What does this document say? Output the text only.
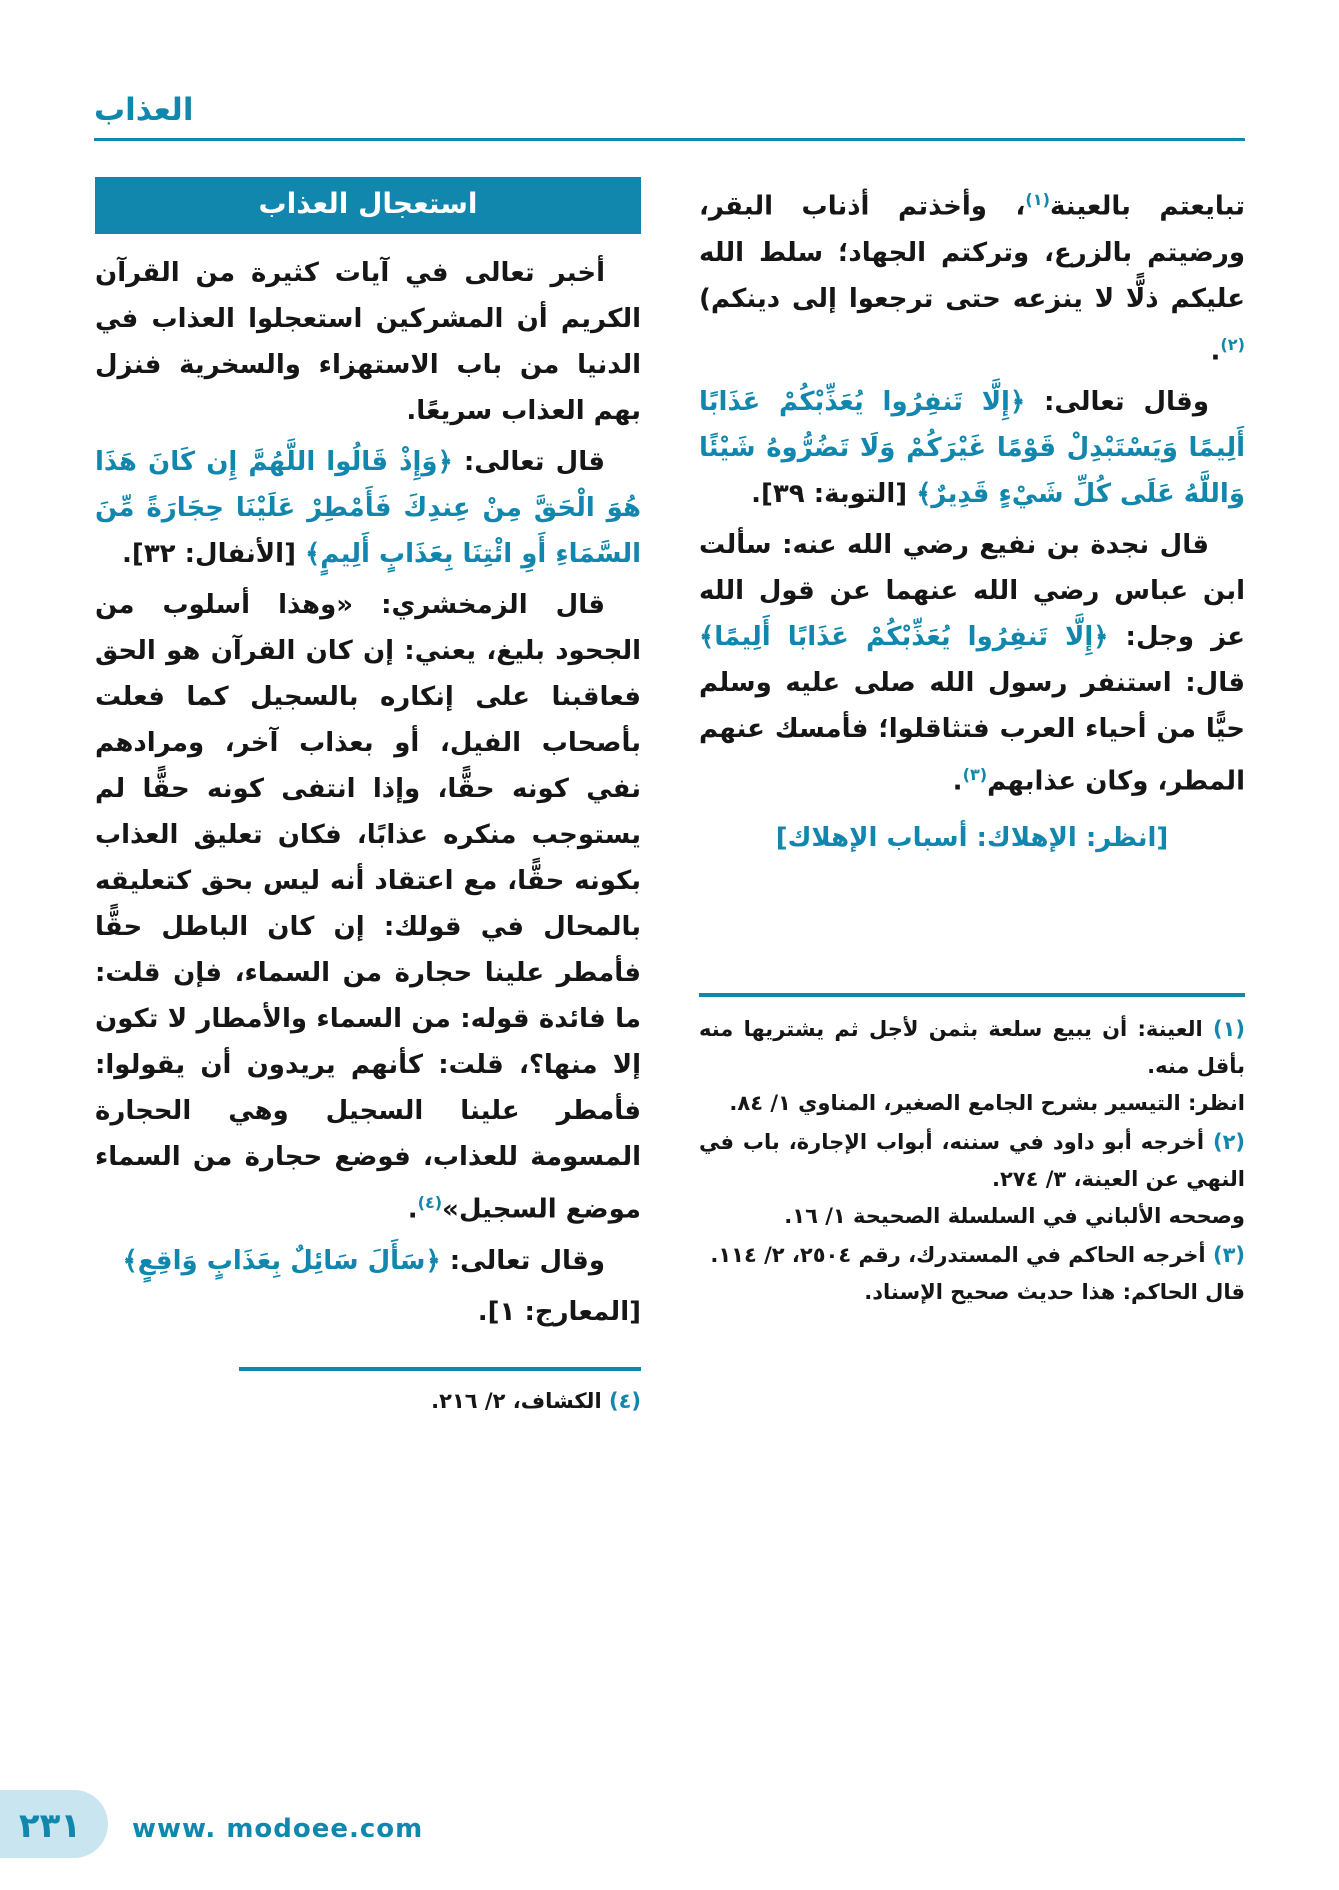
العذاب

تبايعتم بالعينة$^{(١)}$، وأخذتم أذناب البقر، ورضيتم بالزرع، وتركتم الجهاد؛ سلط الله عليكم ذلًّا لا ينزعه حتى ترجعوا إلى دينكم)$^{(٢)}$.

وقال تعالى: ﴿إِلَّا تَنفِرُوا يُعَذِّبْكُمْ عَذَابًا أَلِيمًا وَيَسْتَبْدِلْ قَوْمًا غَيْرَكُمْ وَلَا تَضُرُّوهُ شَيْئًا وَاللَّهُ عَلَى كُلِّ شَيْءٍ قَدِيرٌ﴾ [التوبة: ٣٩].

قال نجدة بن نفيع رضي الله عنه: سألت ابن عباس رضي الله عنهما عن قول الله عز وجل: ﴿إِلَّا تَنفِرُوا يُعَذِّبْكُمْ عَذَابًا أَلِيمًا﴾ قال: استنفر رسول الله صلى عليه وسلم حيًّا من أحياء العرب فتثاقلوا؛ فأمسك عنهم المطر، وكان عذابهم$^{(٣)}$.

[انظر: الإهلاك: أسباب الإهلاك]
(١) العينة: أن يبيع سلعة بثمن لأجل ثم يشتريها منه بأقل منه.
انظر: التيسير بشرح الجامع الصغير، المناوي ١/ ٨٤.
(٢) أخرجه أبو داود في سننه، أبواب الإجارة، باب في النهي عن العينة، ٣/ ٢٧٤.
وصححه الألباني في السلسلة الصحيحة ١/ ١٦.
(٣) أخرجه الحاكم في المستدرك، رقم ٢٥٠٤، ٢/ ١١٤.
قال الحاكم: هذا حديث صحيح الإسناد.
استعجال العذاب

أخبر تعالى في آيات كثيرة من القرآن الكريم أن المشركين استعجلوا العذاب في الدنيا من باب الاستهزاء والسخرية فنزل بهم العذاب سريعًا.

قال تعالى: ﴿وَإِذْ قَالُوا اللَّهُمَّ إِن كَانَ هَذَا هُوَ الْحَقَّ مِنْ عِندِكَ فَأَمْطِرْ عَلَيْنَا حِجَارَةً مِّنَ السَّمَاءِ أَوِ ائْتِنَا بِعَذَابٍ أَلِيمٍ﴾ [الأنفال: ٣٢].

قال الزمخشري: «وهذا أسلوب من الجحود بليغ، يعني: إن كان القرآن هو الحق فعاقبنا على إنكاره بالسجيل كما فعلت بأصحاب الفيل، أو بعذاب آخر، ومرادهم نفي كونه حقًّا، وإذا انتفى كونه حقًّا لم يستوجب منكره عذابًا، فكان تعليق العذاب بكونه حقًّا، مع اعتقاد أنه ليس بحق كتعليقه بالمحال في قولك: إن كان الباطل حقًّا فأمطر علينا حجارة من السماء، فإن قلت: ما فائدة قوله: من السماء والأمطار لا تكون إلا منها؟، قلت: كأنهم يريدون أن يقولوا: فأمطر علينا السجيل وهي الحجارة المسومة للعذاب، فوضع حجارة من السماء موضع السجيل»$^{(٤)}$.

وقال تعالى: ﴿سَأَلَ سَائِلٌ بِعَذَابٍ وَاقِعٍ﴾

[المعارج: ١].

(٤) الكشاف، ٢/ ٢١٦.
٢٣١	www. modoee.com
